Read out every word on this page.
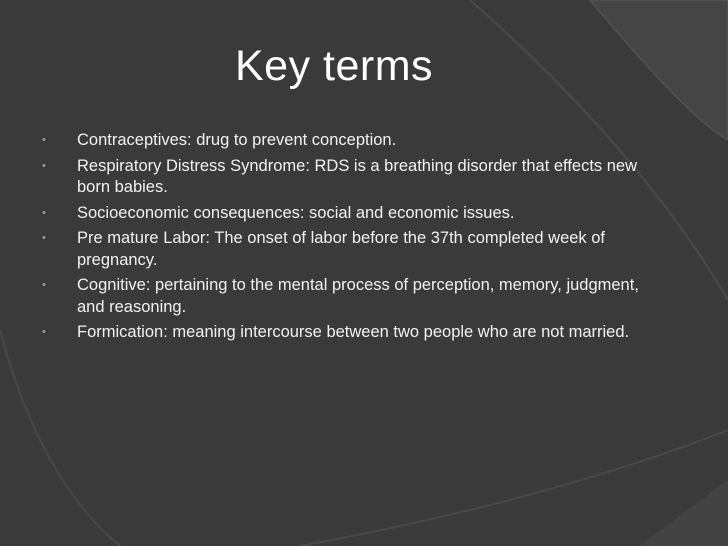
Key terms
• Contraceptives: drug to prevent conception.
• Respiratory Distress Syndrome: RDS is a breathing disorder that effects new born babies.
• Socioeconomic consequences: social and economic issues.
• Pre mature Labor: The onset of labor before the 37th completed week of pregnancy.
• Cognitive: pertaining to the mental process of perception, memory, judgment, and reasoning.
• Formication: meaning intercourse between two people who are not married.
